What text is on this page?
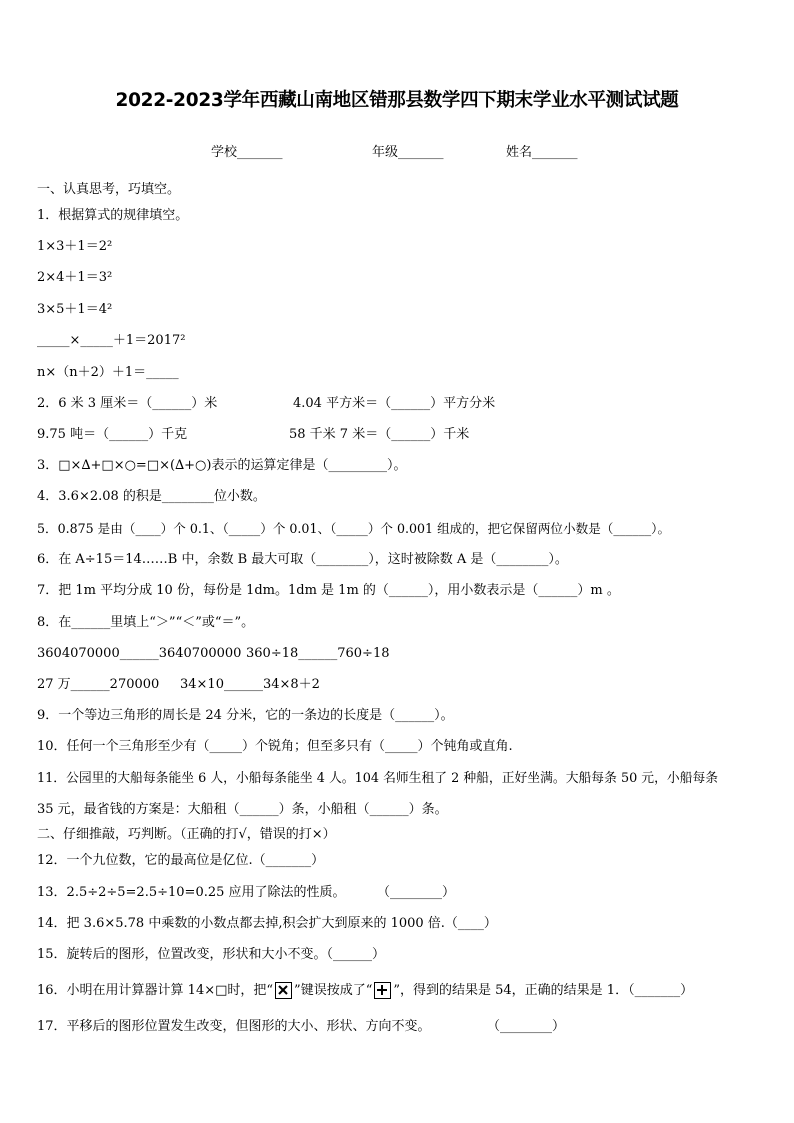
2022-2023学年西藏山南地区错那县数学四下期末学业水平测试试题
学校_______	年级_______	姓名_______
一、认真思考，巧填空。
1．根据算式的规律填空。
1×3＋1＝2²
2×4＋1＝3²
3×5＋1＝4²
_____×_____＋1＝2017²
n×（n＋2）＋1＝_____
2．6 米 3 厘米＝（______）米	4.04 平方米＝（______）平方分米
9.75 吨＝（______）千克	58 千米 7 米＝（______）千米
3．□×∆+□×○=□×(∆+○)表示的运算定律是（_________）。
4．3.6×2.08 的积是________位小数。
5．0.875 是由（____）个 0.1、（_____）个 0.01、（_____）个 0.001 组成的，把它保留两位小数是（______）。
6．在 A÷15＝14……B 中，余数 B 最大可取（________），这时被除数 A 是（________）。
7．把 1m 平均分成 10 份，每份是 1dm。1dm 是 1m 的（______），用小数表示是（______）m 。
8．在______里填上“＞”“＜”或“＝”。
3604070000______3640700000 360÷18______760÷18
27 万______270000 34×10______34×8＋2
9．一个等边三角形的周长是 24 分米，它的一条边的长度是（______）。
10．任何一个三角形至少有（_____）个锐角；但至多只有（_____）个钝角或直角.
11．公园里的大船每条能坐 6 人，小船每条能坐 4 人。104 名师生租了 2 种船，正好坐满。大船每条 50 元，小船每条
35 元，最省钱的方案是：大船租（______）条，小船租（______）条。
二、仔细推敲，巧判断。（正确的打√，错误的打×）
12．一个九位数，它的最高位是亿位.（_______）
13．2.5÷2÷5=2.5÷10=0.25 应用了除法的性质。 （________）
14．把 3.6×5.78 中乘数的小数点都去掉,积会扩大到原来的 1000 倍.（____）
15．旋转后的图形，位置改变，形状和大小不变。（______）
16．小明在用计算器计算 14×□时，把“ ”键误按成了“ ”，得到的结果是 54，正确的结果是 1．（_______）
17．平移后的图形位置发生改变，但图形的大小、形状、方向不变。	（________）
